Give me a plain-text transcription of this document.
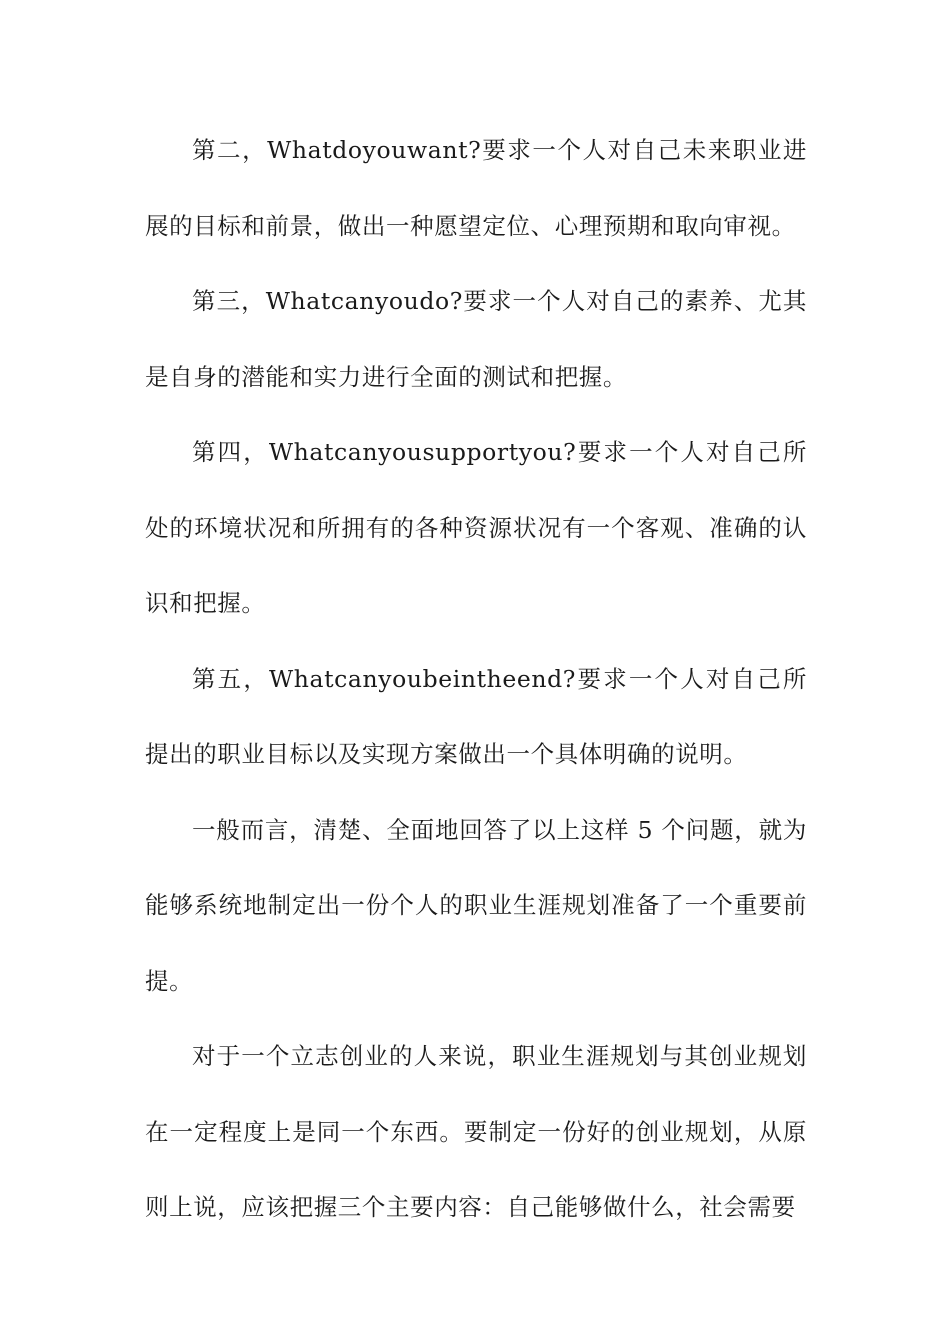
第二，Whatdoyouwant?要求一个人对自己未来职业进展的目标和前景，做出一种愿望定位、心理预期和取向审视。

第三，Whatcanyoudo?要求一个人对自己的素养、尤其是自身的潜能和实力进行全面的测试和把握。

第四，Whatcanyousupportyou?要求一个人对自己所处的环境状况和所拥有的各种资源状况有一个客观、准确的认识和把握。

第五，Whatcanyoubeintheend?要求一个人对自己所提出的职业目标以及实现方案做出一个具体明确的说明。

一般而言，清楚、全面地回答了以上这样 5 个问题，就为能够系统地制定出一份个人的职业生涯规划准备了一个重要前提。

对于一个立志创业的人来说，职业生涯规划与其创业规划在一定程度上是同一个东西。要制定一份好的创业规划，从原则上说，应该把握三个主要内容：自己能够做什么，社会需要
